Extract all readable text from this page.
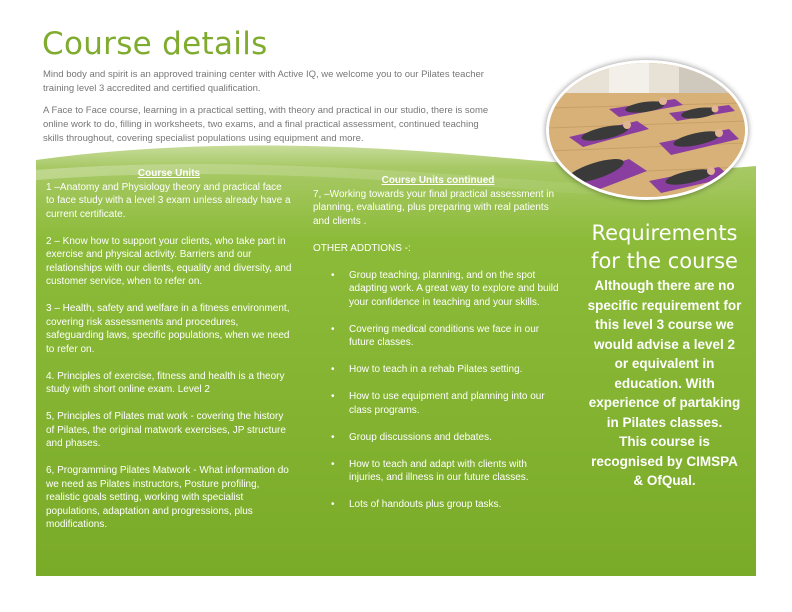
Course details
Mind body and spirit is an approved training center with Active IQ, we welcome you to our Pilates teacher training level 3 accredited and certified qualification.
A Face to Face course, learning in a practical setting, with theory and practical in our studio, there is some online work to do, filling in worksheets, two exams, and a final practical assessment, continued teaching skills throughout, covering specialist populations using equipment and more.
Course Units

1 –Anatomy and Physiology theory and practical face to face study with a level 3 exam unless already have a current certificate.

2 – Know how to support your clients, who take part in exercise and physical activity. Barriers and our relationships with our clients, equality and diversity, and customer service, when to refer on.

3 – Health, safety and welfare in a fitness environment, covering risk assessments and procedures, safeguarding laws, specific populations, when we need to refer on.

4. Principles of exercise, fitness and health is a theory study with short online exam. Level 2

5, Principles of Pilates mat work - covering the history of Pilates, the original matwork exercises, JP structure and phases.

6, Programming Pilates Matwork - What information do we need as Pilates instructors, Posture profiling, realistic goals setting, working with specialist populations, adaptation and progressions, plus modifications.

Course Units continued

7, –Working towards your final practical assessment in planning, evaluating, plus preparing with real patients and clients .

OTHER ADDTIONS -:
• Group teaching, planning, and on the spot adapting work. A great way to explore and build your confidence in teaching and your skills.
• Covering medical conditions we face in our future classes.
• How to teach in a rehab Pilates setting.
• How to use equipment and planning into our class programs.
• Group discussions and debates.
• How to teach and adapt with clients with injuries, and illness in our future classes.
• Lots of handouts plus group tasks.
Requirements
for the course
Although there are no specific requirement for this level 3 course we would advise a level 2 or equivalent in education. With experience of partaking in Pilates classes.
This course is recognised by CIMSPA & OfQual.
